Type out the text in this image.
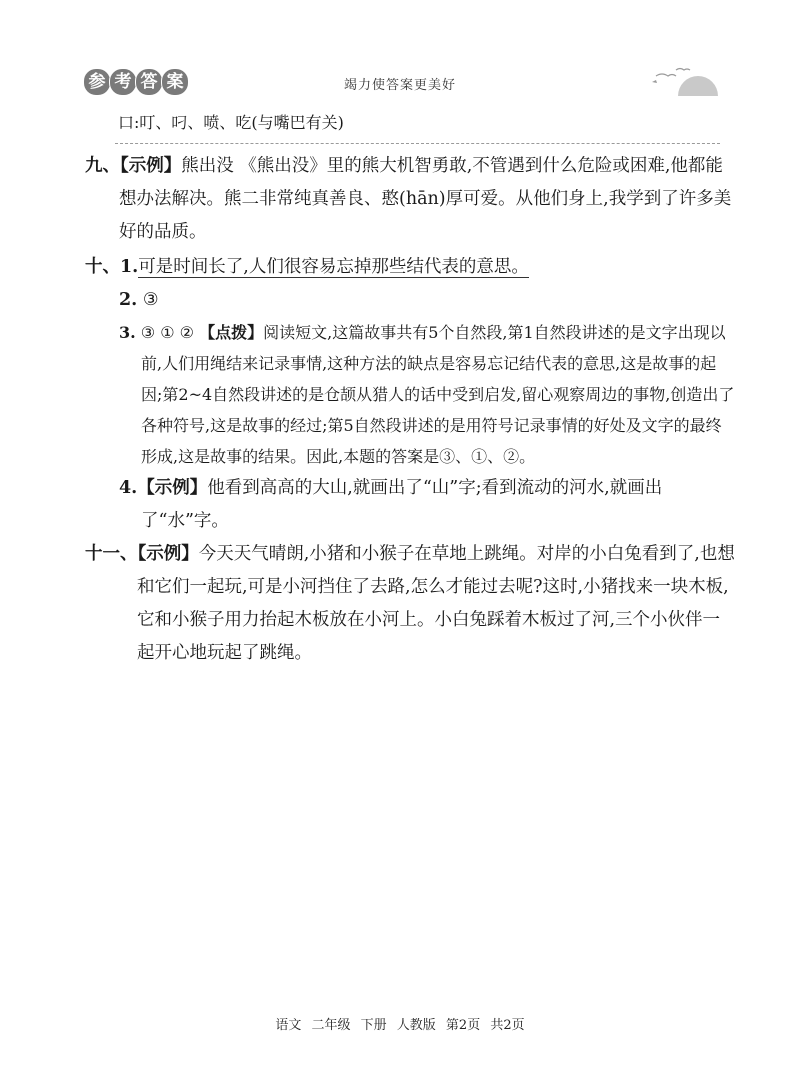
参 考 答 案	竭力使答案更美好
口:叮、叼、喷、吃(与嘴巴有关)
九、【示例】熊出没 《熊出没》里的熊大机智勇敢,不管遇到什么危险或困难,他都能想办法解决。熊二非常纯真善良、憨(hān)厚可爱。从他们身上,我学到了许多美好的品质。
十、1.可是时间长了,人们很容易忘掉那些结代表的意思。
2. ③
3. ③ ① ② 【点拨】阅读短文,这篇故事共有5个自然段,第1自然段讲述的是文字出现以前,人们用绳结来记录事情,这种方法的缺点是容易忘记结代表的意思,这是故事的起因;第2~4自然段讲述的是仓颉从猎人的话中受到启发,留心观察周边的事物,创造出了各种符号,这是故事的经过;第5自然段讲述的是用符号记录事情的好处及文字的最终形成,这是故事的结果。因此,本题的答案是③、①、②。
4.【示例】他看到高高的大山,就画出了“山”字;看到流动的河水,就画出了“水”字。
十一、【示例】今天天气晴朗,小猪和小猴子在草地上跳绳。对岸的小白兔看到了,也想和它们一起玩,可是小河挡住了去路,怎么才能过去呢?这时,小猪找来一块木板,它和小猴子用力抬起木板放在小河上。小白兔踩着木板过了河,三个小伙伴一起开心地玩起了跳绳。
语文 二年级 下册 人教版 第2页 共2页
